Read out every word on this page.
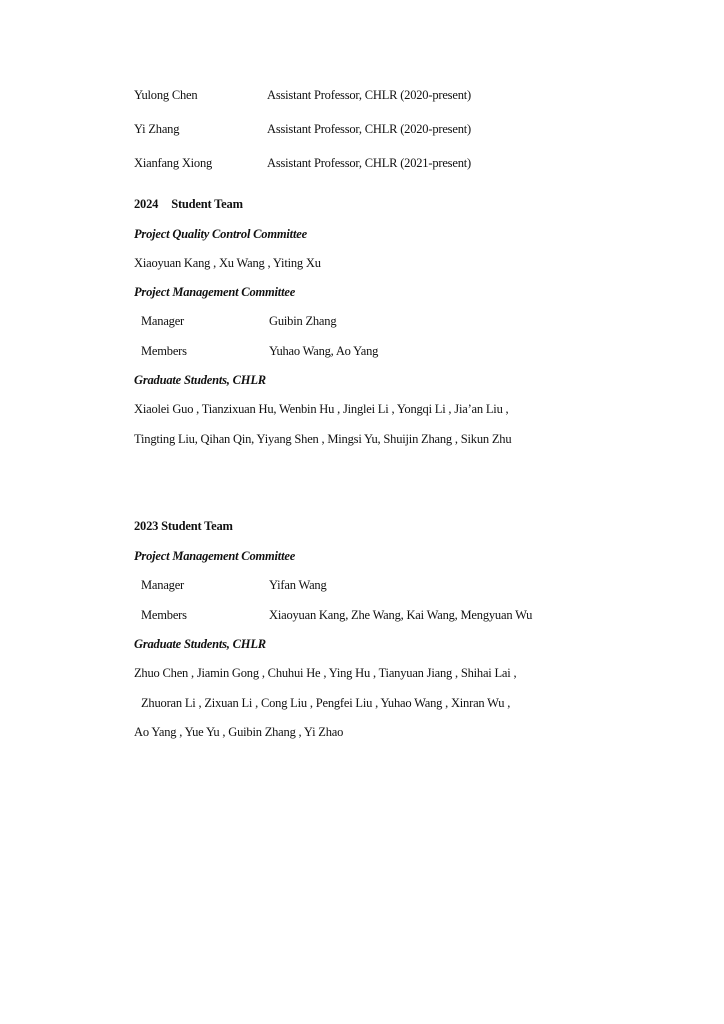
Yulong Chen	Assistant Professor, CHLR (2020-present)
Yi Zhang	Assistant Professor, CHLR (2020-present)
Xianfang Xiong	Assistant Professor, CHLR (2021-present)
2024 Student Team
Project Quality Control Committee
Xiaoyuan Kang , Xu Wang , Yiting Xu
Project Management Committee
Manager	Guibin Zhang
Members	Yuhao Wang, Ao Yang
Graduate Students, CHLR
Xiaolei Guo , Tianzixuan Hu, Wenbin Hu , Jinglei Li , Yongqi Li , Jia’an Liu ,
Tingting Liu, Qihan Qin, Yiyang Shen , Mingsi Yu, Shuijin Zhang , Sikun Zhu
2023 Student Team
Project Management Committee
Manager	Yifan Wang
Members	Xiaoyuan Kang, Zhe Wang, Kai Wang, Mengyuan Wu
Graduate Students, CHLR
Zhuo Chen , Jiamin Gong , Chuhui He , Ying Hu , Tianyuan Jiang , Shihai Lai ,
Zhuoran Li , Zixuan Li , Cong Liu , Pengfei Liu , Yuhao Wang , Xinran Wu ,
Ao Yang , Yue Yu , Guibin Zhang , Yi Zhao
